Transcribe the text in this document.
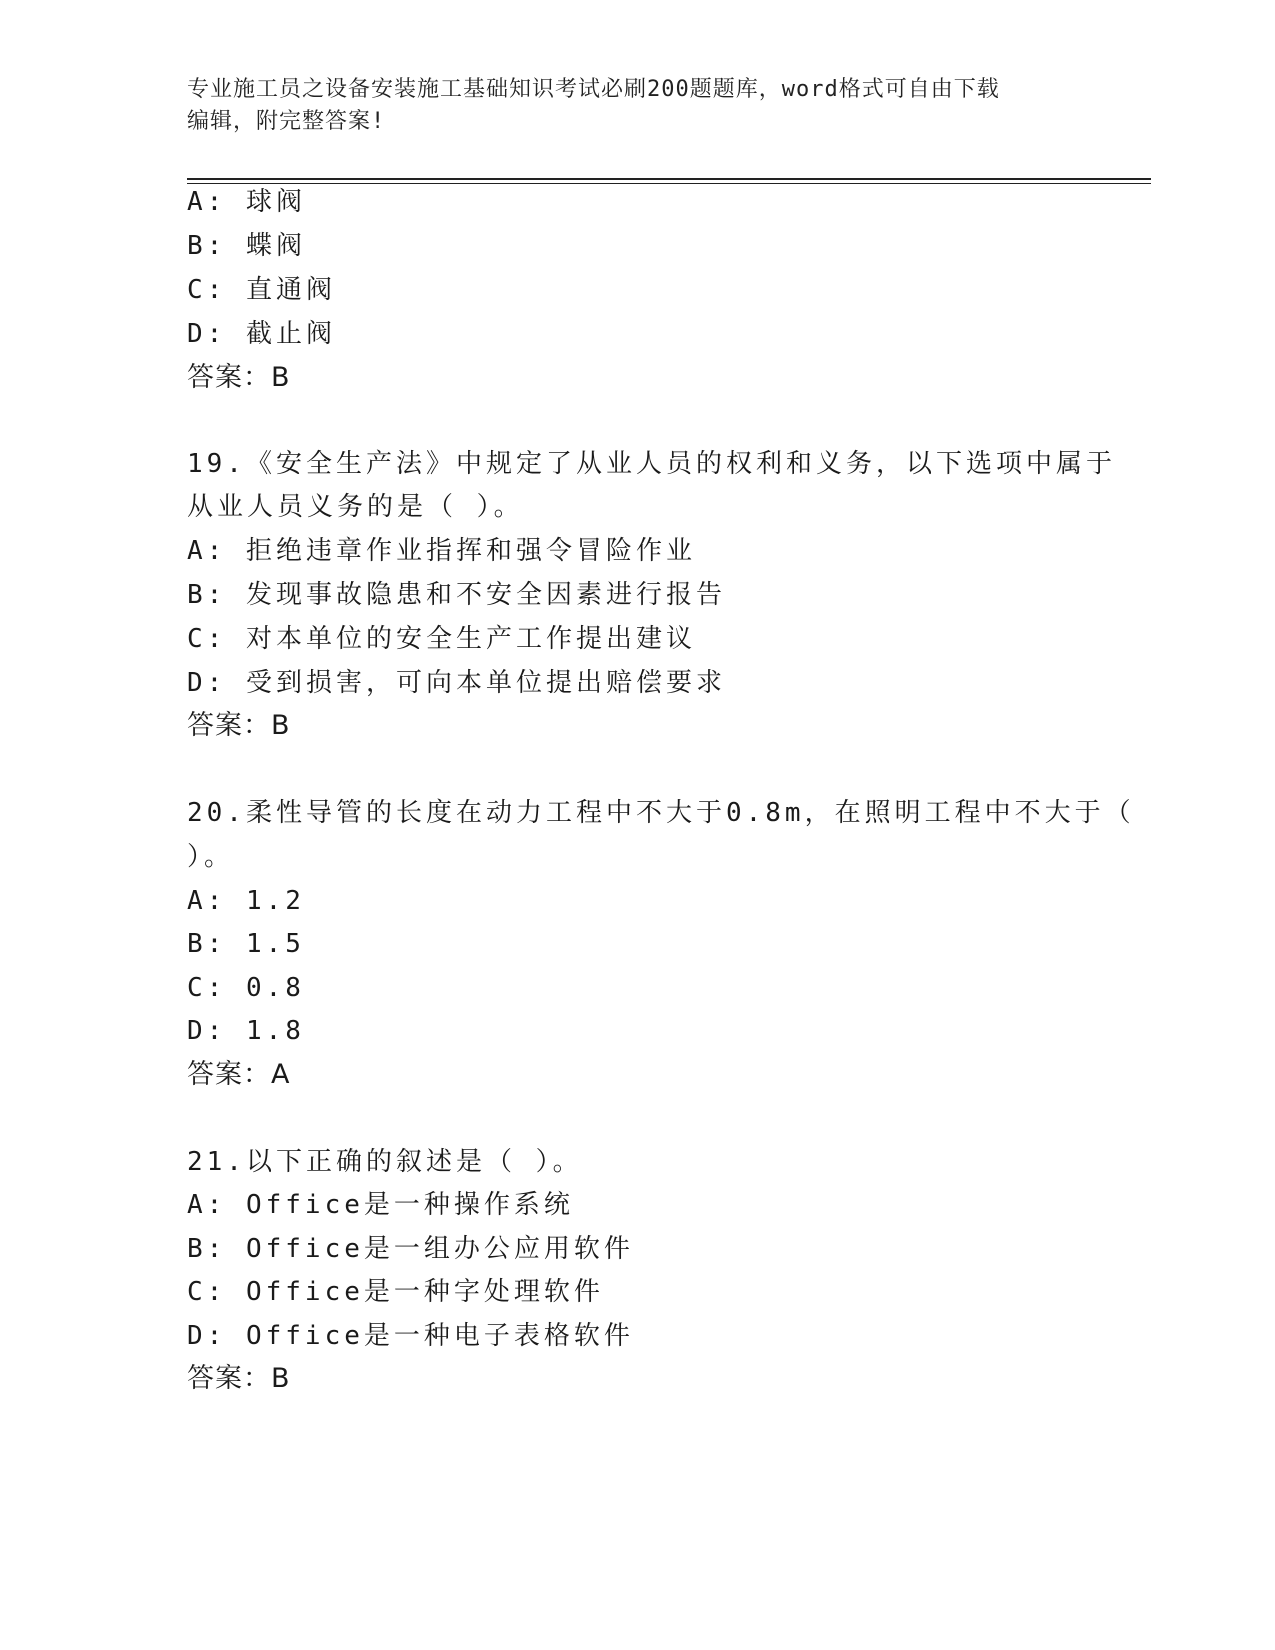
专业施工员之设备安装施工基础知识考试必刷200题题库，word格式可自由下载
编辑，附完整答案!
A: 球阀
B: 蝶阀
C: 直通阀
D: 截止阀
答案：B
19.《安全生产法》中规定了从业人员的权利和义务，以下选项中属于
从业人员义务的是（ ）。
A: 拒绝违章作业指挥和强令冒险作业
B: 发现事故隐患和不安全因素进行报告
C: 对本单位的安全生产工作提出建议
D: 受到损害，可向本单位提出赔偿要求
答案：B
20.柔性导管的长度在动力工程中不大于0.8m，在照明工程中不大于（
）。
A: 1.2
B: 1.5
C: 0.8
D: 1.8
答案：A
21.以下正确的叙述是（ ）。
A: Office是一种操作系统
B: Office是一组办公应用软件
C: Office是一种字处理软件
D: Office是一种电子表格软件
答案：B
